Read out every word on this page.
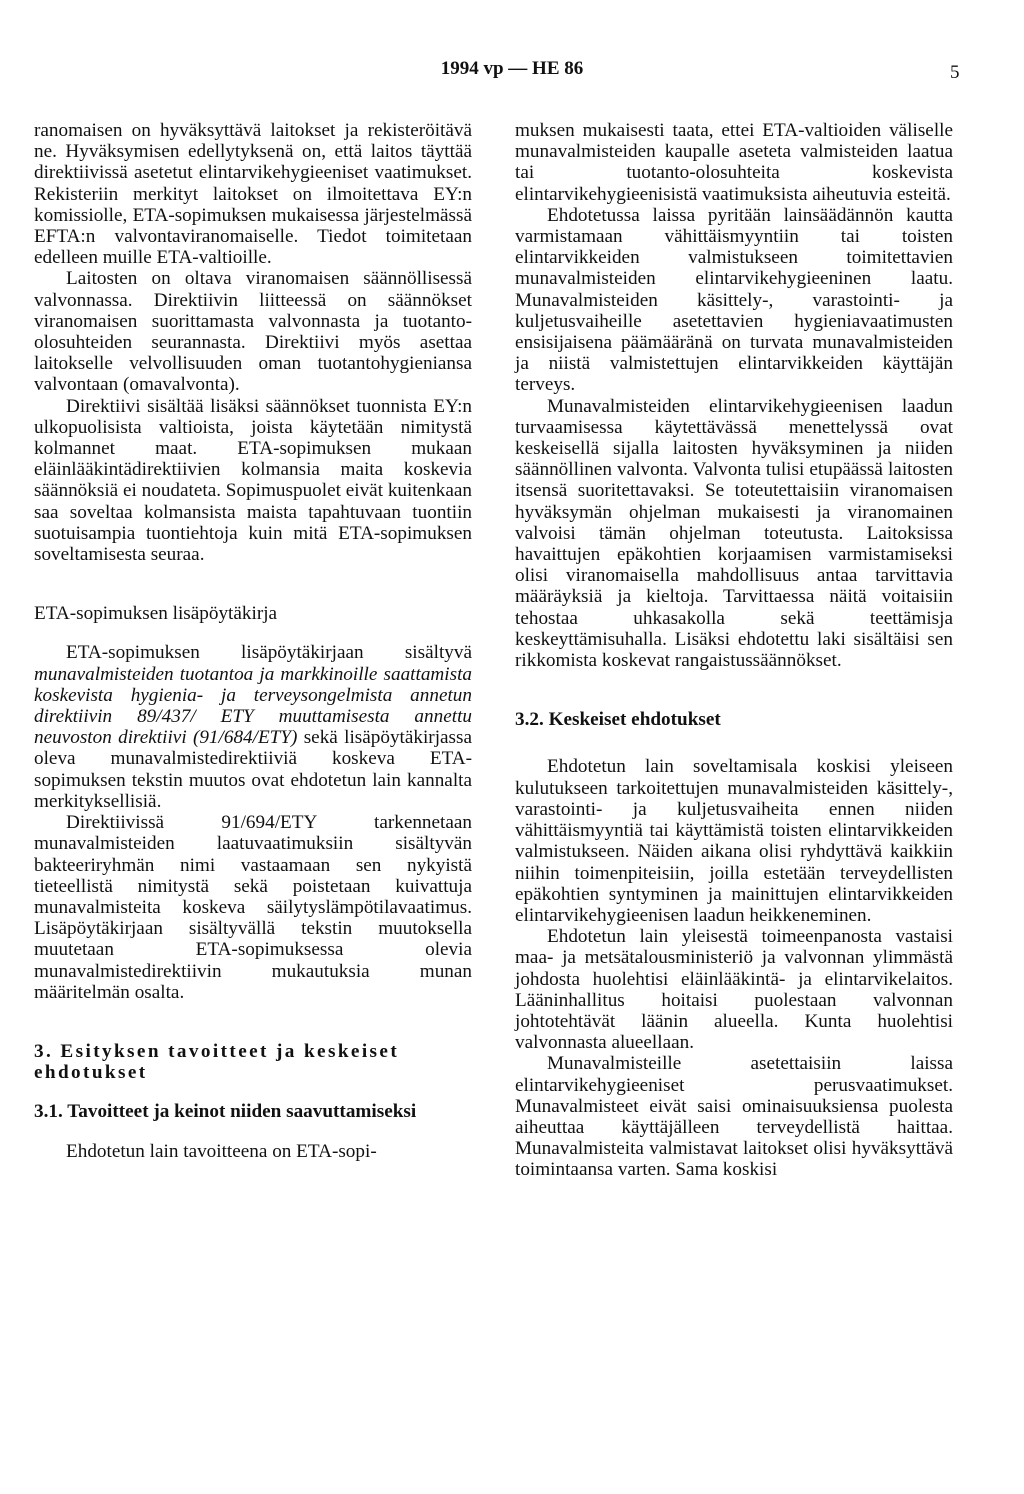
1994 vp — HE 86	5

ranomaisen on hyväksyttävä laitokset ja rekisteröitävä ne. Hyväksymisen edellytyksenä on, että laitos täyttää direktiivissä asetetut elintarvikehygieeniset vaatimukset. Rekisteriin merkityt laitokset on ilmoitettava EY:n komissiolle, ETA-sopimuksen mukaisessa järjestelmässä EFTA:n valvontaviranomaiselle. Tiedot toimitetaan edelleen muille ETA-valtioille.

Laitosten on oltava viranomaisen säännöllisessä valvonnassa. Direktiivin liitteessä on säännökset viranomaisen suorittamasta valvonnasta ja tuotanto-olosuhteiden seurannasta. Direktiivi myös asettaa laitokselle velvollisuuden oman tuotantohygieniansa valvontaan (omavalvonta).

Direktiivi sisältää lisäksi säännökset tuonnista EY:n ulkopuolisista valtioista, joista käytetään nimitystä kolmannet maat. ETA-sopimuksen mukaan eläinlääkintädirektiivien kolmansia maita koskevia säännöksiä ei noudateta. Sopimuspuolet eivät kuitenkaan saa soveltaa kolmansista maista tapahtuvaan tuontiin suotuisampia tuontiehtoja kuin mitä ETA-sopimuksen soveltamisesta seuraa.

ETA-sopimuksen lisäpöytäkirja

ETA-sopimuksen lisäpöytäkirjaan sisältyvä munavalmisteiden tuotantoa ja markkinoille saattamista koskevista hygienia- ja terveysongelmista annetun direktiivin 89/437/ ETY muuttamisesta annettu neuvoston direktiivi (91/684/ETY) sekä lisäpöytäkirjassa oleva munavalmistedirektiiviä koskeva ETA-sopimuksen tekstin muutos ovat ehdotetun lain kannalta merkityksellisiä.

Direktiivissä 91/694/ETY tarkennetaan munavalmisteiden laatuvaatimuksiin sisältyvän bakteeriryhmän nimi vastaamaan sen nykyistä tieteellistä nimitystä sekä poistetaan kuivattuja munavalmisteita koskeva säilytyslämpötilavaatimus. Lisäpöytäkirjaan sisältyvällä tekstin muutoksella muutetaan ETA-sopimuksessa olevia munavalmistedirektiivin mukautuksia munan määritelmän osalta.

3. Esityksen tavoitteet ja keskeiset ehdotukset

3.1. Tavoitteet ja keinot niiden saavuttamiseksi

Ehdotetun lain tavoitteena on ETA-sopi-

muksen mukaisesti taata, ettei ETA-valtioiden väliselle munavalmisteiden kaupalle aseteta valmisteiden laatua tai tuotanto-olosuhteita koskevista elintarvikehygieenisistä vaatimuksista aiheutuvia esteitä.

Ehdotetussa laissa pyritään lainsäädännön kautta varmistamaan vähittäismyyntiin tai toisten elintarvikkeiden valmistukseen toimitettavien munavalmisteiden elintarvikehygieeninen laatu. Munavalmisteiden käsittely-, varastointi- ja kuljetusvaiheille asetettavien hygieniavaatimusten ensisijaisena päämääränä on turvata munavalmisteiden ja niistä valmistettujen elintarvikkeiden käyttäjän terveys.

Munavalmisteiden elintarvikehygieenisen laadun turvaamisessa käytettävässä menettelyssä ovat keskeisellä sijalla laitosten hyväksyminen ja niiden säännöllinen valvonta. Valvonta tulisi etupäässä laitosten itsensä suoritettavaksi. Se toteutettaisiin viranomaisen hyväksymän ohjelman mukaisesti ja viranomainen valvoisi tämän ohjelman toteutusta. Laitoksissa havaittujen epäkohtien korjaamisen varmistamiseksi olisi viranomaisella mahdollisuus antaa tarvittavia määräyksiä ja kieltoja. Tarvittaessa näitä voitaisiin tehostaa uhkasakolla sekä teettämisja keskeyttämisuhalla. Lisäksi ehdotettu laki sisältäisi sen rikkomista koskevat rangaistussäännökset.

3.2. Keskeiset ehdotukset

Ehdotetun lain soveltamisala koskisi yleiseen kulutukseen tarkoitettujen munavalmisteiden käsittely-, varastointi- ja kuljetusvaiheita ennen niiden vähittäismyyntiä tai käyttämistä toisten elintarvikkeiden valmistukseen. Näiden aikana olisi ryhdyttävä kaikkiin niihin toimenpiteisiin, joilla estetään terveydellisten epäkohtien syntyminen ja mainittujen elintarvikkeiden elintarvikehygieenisen laadun heikkeneminen.

Ehdotetun lain yleisestä toimeenpanosta vastaisi maa- ja metsätalousministeriö ja valvonnan ylimmästä johdosta huolehtisi eläinlääkintä- ja elintarvikelaitos. Lääninhallitus hoitaisi puolestaan valvonnan johtotehtävät läänin alueella. Kunta huolehtisi valvonnasta alueellaan.

Munavalmisteille asetettaisiin laissa elintarvikehygieeniset perusvaatimukset. Munavalmisteet eivät saisi ominaisuuksiensa puolesta aiheuttaa käyttäjälleen terveydellistä haittaa. Munavalmisteita valmistavat laitokset olisi hyväksyttävä toimintaansa varten. Sama koskisi
